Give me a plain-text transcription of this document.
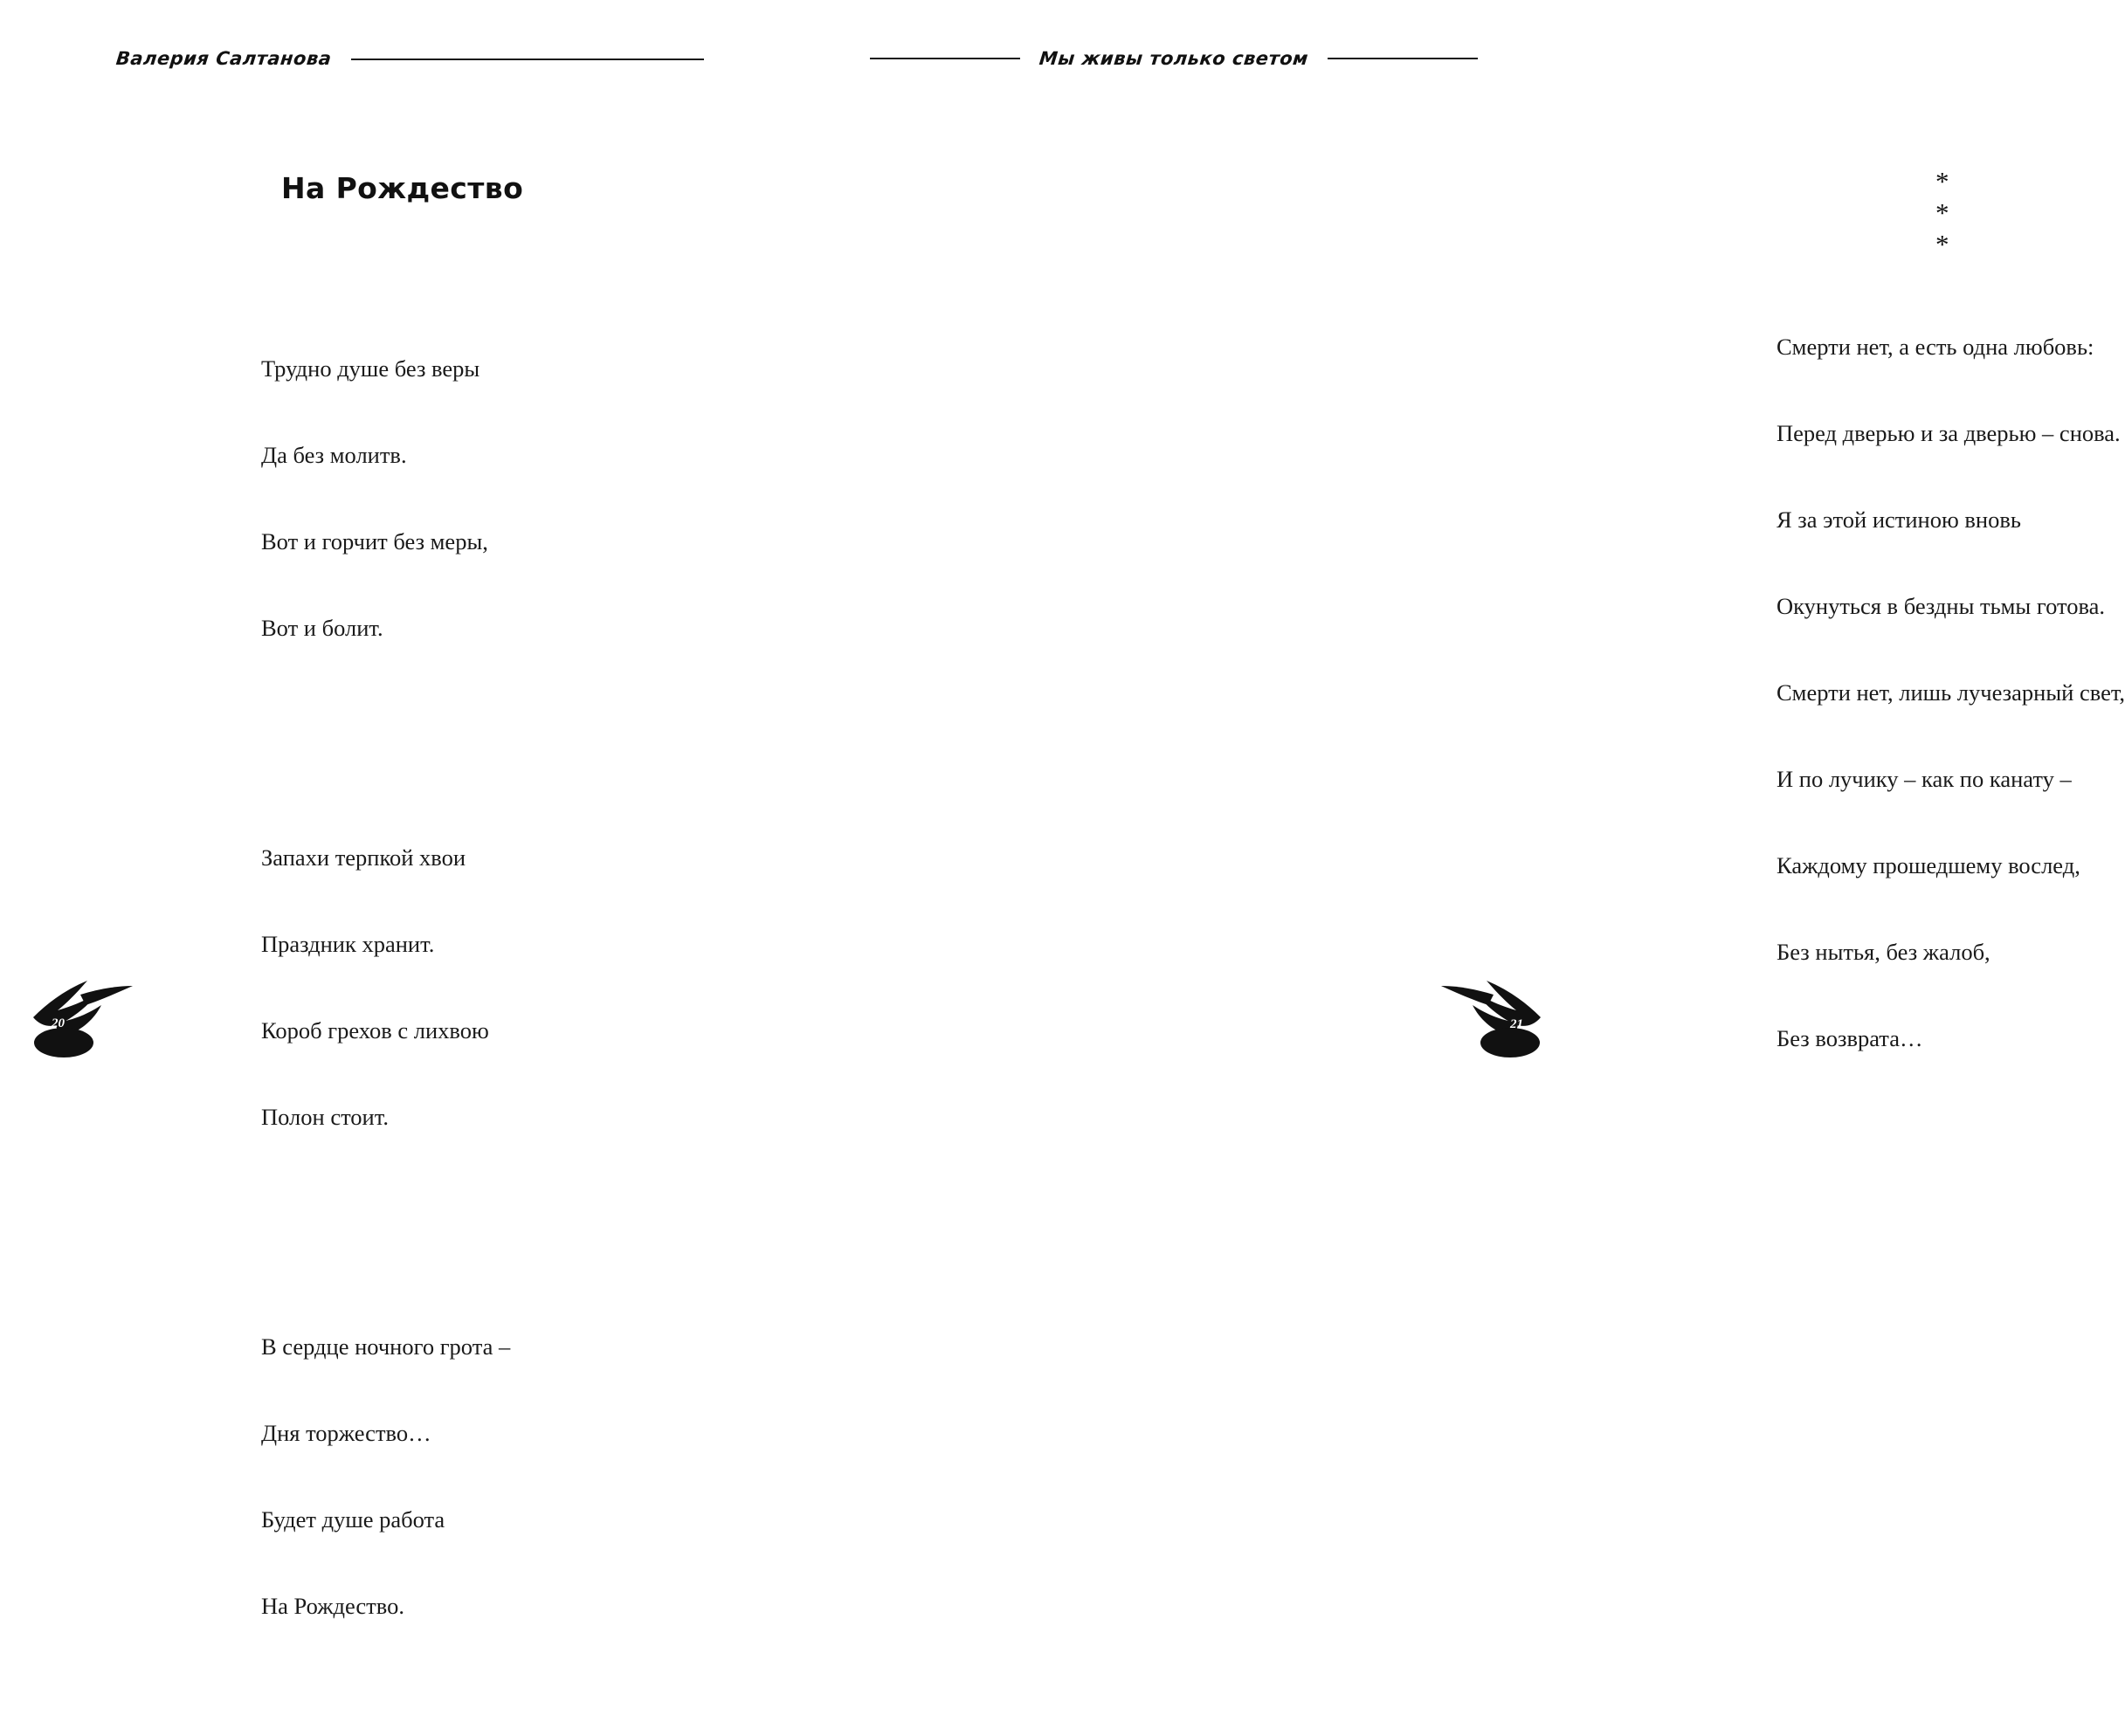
Валерия Салтанова
На Рождество

Трудно душе без веры

Да без молитв.

Вот и горчит без меры,

Вот и болит.

Запахи терпкой хвои

Праздник хранит.

Короб грехов с лихвою

Полон стоит.

В сердце ночного грота –

Дня торжество…

Будет душе работа

На Рождество.

20
Мы живы только светом
* * *

Смерти нет, а есть одна любовь:

Перед дверью и за дверью – снова.

Я за этой истиною вновь

Окунуться в бездны тьмы готова.

Смерти нет, лишь лучезарный свет,

И по лучику – как по канату –

Каждому прошедшему вослед,

Без нытья, без жалоб,

Без возврата…

21
